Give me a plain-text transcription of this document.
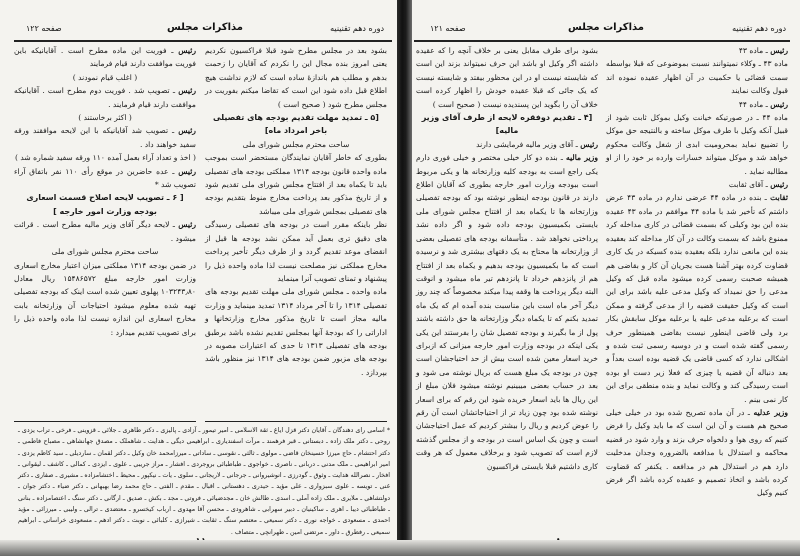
دوره دهم تقنینیه
مذاکرات مجلس
صفحه ۱۲۲

بشود بعد در مجلس مطرح شود قبلا فراکسیون نکردیم یعنی امروز بنده مجال این را نکردم که آقایان را زحمت بدهم و مطلب هم باندازهٔ ساده است که لازم نداشت هیچ اطلاع قبل داده شود این است که تقاضا میکنم بفوریت در مجلس مطرح شود ( صحیح است )

[۵ ـ تمدید مهلت تقدیم بودجه های تفصیلی باخر امرداد ماه]

ساحت محترم مجلس شورای ملی

بطوری که خاطر آقایان نمایندگان مستحضر است بموجب ماده واحده قانون بودجه ۱۳۱۴ مملکتی بودجه های تفصیلی باید تا یکماه بعد از افتتاح مجلس شورای ملی تقدیم شود و از تاریخ مذکور بعد پرداخت مخارج منوط بتقدیم بودجه های تفصیلی بمجلس شورای ملی میباشد

نظر باینکه مقرر است در بودجه های تفصیلی رسیدگی های دقیق تری بعمل آید ممکن نشد بودجه ها قبل از انقضای موعد تقدیم گردد و از طرف دیگر تأخیر پرداخت مخارج مملکتی نیز مصلحت نیست لذا ماده واحده ذیل را پیشنهاد و تمنای تصویب آنرا مینماید

ماده واحده ـ مجلس شورای ملی مهلت تقدیم بودجه های تفصیلی ۱۳۱۴ را تا آخر مرداد ۱۳۱۴ تمدید مینماید و وزارت مالیه مجاز است تا تاریخ مذکور مخارج وزارتخانها و اداراتی را که بودجهٔ آنها بمجلس تقدیم نشده باشد برطبق بودجه های تفصیلی ۱۳۱۳ تا حدی که اعتبارات مصوبه در بودجه های مزبور ضمن بودجه های ۱۳۱۴ نیز منظور باشد بپردازد .

رئیس ـ فوریت این ماده مطرح است . آقایانیکه باین فوریت موافقت دارند قیام فرمایند

( اغلب قیام نمودند )

رئیس ـ تصویب شد . فوریت دوم مطرح است . آقایانیکه موافقت دارند قیام فرمایند .

( اکثر برخاستند )

رئیس ـ تصویب شد آقایانیکه با این لایحه موافقند ورقه سفید خواهند داد .

( اخذ و تعداد آراء بعمل آمده ۱۱۰ ورقه سفید شماره شد )

رئیس ـ عده حاضرین در موقع رأی ۱۱۰ نفر باتفاق آراء تصویب شد *

[ ۶ ـ تصویب لایحه اصلاح قسمت اسعاری بودجه وزارت امور خارجه ]

رئیس ـ لایحه دیگر آقای وزیر مالیه مطرح است . قرائت میشود .

ساحت محترم مجلس شورای ملی

در ضمن بودجه ۱۳۱۴ مملکتی میزان اعتبار مخارج اسعاری وزارت امور خارجه مبلغ ۱۵۴۸۶۵۷۲ ریال معادل ۱۰۳۲۴۳٫۸۰ پهلوی تعیین شده است اینک که بودجه تفصیلی تهیه شده معلوم میشود احتیاجات آن وزارتخانه بابت مخارج اسعاری این اندازه نیست لذا ماده واحده ذیل را برای تصویب تقدیم میدارد :

* اسامی رای دهندگان ـ آقایان دکتر قزل ایاغ ـ ثقة الاسلامی ـ امیر تیمور ـ آزادی ـ پالیزی ـ دکتر طاهری ـ جلائی ـ قزوینی ـ فرخی ـ تراب یزدی ـ روحی ـ دکتر ملک زاده ـ دبستانی ـ قبر فرهمند ـ مرآت اسفندیاری ـ ابراهیمی دیگی ـ هدایت ـ شاهملک ـ مصدق جهانشاهی ـ مصباح فاطمی ـ دکتر احتشام ـ حاج میرزا حسینخان قاضی ـ مولوی ـ ثالثی ـ نقوسی ـ ساداتی ـ میرزامحمد خان وکیل ـ دکتر لقمان ـ ساردیلی ـ سید کاظم یزدی ـ امیر ابراهیمی ـ ملک مدنی ـ دربانی ـ ناصری ـ خواجوی ـ طباطبائی بروجردی ـ افشار ـ مراز جریبی ـ علوی ـ ایزدی ـ کمالی ـ کاشف ـ لیقوانی ـ افخار ـ نصرالله هدایت ـ وثوق ـ گودرزی ـ انوشیروانی ـ جرجانی ـ لاریجانی ـ سلوی ـ یات ـ نیکپور ـ محیط ـ اختشامزاده ـ مشیری ـ صفاری ـ دکتر غنی ـ تویسه ـ علوی سبزواری ـ علی مؤید ـ حیدری ـ دهستانی ـ اقبال ـ مقدم ـ الفتی ـ حاج محمد رضا بهبهانی ـ دکتر ضیاء ـ دکتر جوان ـ دولتشاهی ـ ملایری ـ ملک زاده آملی ـ اسدی ـ طالش خان ـ مجدضیائی ـ فروتی ـ مجد ـ بکش ـ صدیق ـ ارگانی ـ دکتر سنگ ـ اعتصامزاده ـ بنانی ـ طباطبائی دیبا ـ اهری ـ ساکینیان ـ دبیر سهرابی ـ شاهرودی ـ محسن آقا مهدوی ـ ارباب کیخسرو ـ معتضدی ـ ترالی ـ ولیبی ـ میرزائی ـ مؤید احمدی ـ مسعودی ـ خواجه نوری ـ دکتر سمیعی ـ معتصم سنگ ـ ثقابت ـ شیرازی ـ کلبائی ـ نوبت ـ دکتر ادهم ـ مسعودی خراسانی ـ ابراهیم سمیعی ـ رفطرق ـ داور ـ مرتضی امین ـ طهرانچی ـ متصاف .
دوره دهم تقنینیه
مذاکرات مجلس
صفحه ۱۲۱

رئیس ـ ماده ۴۳

ماده ۴۳ ـ وکلاء نمیتوانند نسبت بموضوعی که قبلا بواسطه سمت قضائی یا حکمیت در آن اظهار عقیده نموده اند قبول وکالت نمایند

رئیس ـ ماده ۴۴

ماده ۴۴ ـ در صورتیکه خیانت وکیل بموکل ثابت شود از قبیل آنکه وکیل با طرف موکل ساخته و بالنتیجه حق موکل را تضییع نماید بمحرومیت ابدی از شغل وکالت محکوم خواهد شد و موکل میتواند خسارات وارده بر خود را از او مطالبه نماید .

رئیس ـ آقای ثقابت

ثقابت ـ بنده در ماده ۴۴ عرضی ندارم در ماده ۴۳ عرض داشتم که تأخیر شد با ماده ۴۴ موافقم در ماده ۴۳ عقیده بنده این بود وکیلی که بسمت قضائی در کاری مداخله کرد ممنوع باشد که بسمت وکالت در آن کار مداخله کند بعقیده بنده این مانعی ندارد بلکه بعقیده بنده کسیکه در یک کاری قضاوت کرده بهتر آشنا هست بجریان آن کار و بقاضی هم همیشه صحبت رسمی کرده میشود ماده قبل که وکیل مدعی را حق نمیداد که وکیل مدعی علیه باشد برای این است که وکیل حقیقت قضیه را از مدعی گرفته و ممکن است که برعلیه مدعی علیه یا برعلیه موکل سابقش بکار برد ولی قاضی اینطور نیست بقاضی همینطور حرف رسمی گفته شده است و در دوسیه رسمی ثبت شده و اشکالی ندارد که کسی قاضی یک قضیه بوده است بعداً و بعد دنباله آن قضیه یا چیزی که فعلا زیر دست او بوده است رسیدگی کند و وکالت نماید و بنده منطقی برای این کار نمی بینم .

وزیر عدلیه ـ در آن ماده تصریح شده بود در خیلی خیلی صحیح هم هست و آن این است که ما باید وکیل را فرض کنیم که روی هوا و دلخواه حرف بزند و وارد شود در قضیه محاکمه و استدلال با مدافعه بالضروره وجدان مدخلیت دارد هم در استدلال هم در مدافعه . یکنفر که قضاوت کرده باشد و اتخاذ تصمیم و عقیده کرده باشد اگر فرض کنیم وکیل

بشود برای طرف مقابل یعنی بر خلاف آنچه را که عقیده داشته اگر وکیل او باشد این حرف نمیتواند بزند این است که شایسته نیست او در این محظور بیفتد و شایسته نیست که یک جائی که قبلا عقیده خودش را اظهار کرده است خلاف آن را بگوید این پسندیده نیست ( صحیح است )

[۴ ـ تقدیم دوفقره لایحه از طرف آقای وزیر مالیه]

رئیس ـ آقای وزیر مالیه فرمایشی دارند

وزیر مالیه ـ بنده دو کار خیلی مختصر و خیلی فوری دارم یکی راجع است به بودجه کلیه وزارتخانه ها و یکی مربوط است ببودجه وزارت امور خارجه بطوری که آقایان اطلاع دارند در قانون بودجه اینطور نوشته بود که بودجه تفصیلی وزارتخانه ها تا یکماه بعد از افتتاح مجلس شورای ملی بایستی بکمیسیون بودجه داده شود و اگر داده نشد پرداختی نخواهد شد . متأسفانه بودجه های تفصیلی بعضی از وزارتخانه ها محتاج به یک دقتهای بیشتری شد و نرسیده است که ما بکمیسیون بودجه بدهیم و یکماه بعد از افتتاح هم از پانزدهم خرداد تا پانزدهم تیر ماه میشود و انوقت البته دیگر پرداخت ها وقفه پیدا میکند مخصوصاً که چند روز دیگر آخر ماه است باین مناسبت بنده آمده ام که یک ماه تمدید بکنم که تا یکماه دیگر وزارتخانه ها حق داشته باشند پول از ما بگیرند و بودجه تفصیل شان را بفرستند این یکی یکی اینکه در بودجه وزارت امور خارجه میزانی که ازبرای خرید اسعار معین شده است بیش از حد احتیاجشان است چون در بودجه یک مبلغ هست که بریال نوشته می شود و بعد در حساب بعضی میبینیم نوشته میشود فلان مبلغ از این ریال ها باید اسعار خریده شود این رقم که برای اسعار نوشته شده بود چون زیاد تر از احتیاجاتشان است آن رقم را عوض کردیم و ریال را بیشتر کردیم که عمل احتیاجشان است و چون یک اساس است در بودجه و از مجلس گذشته لازم است که تصویب شود و برخلاف معمول که هر وقت کاری داشتیم قبلا بایستی فراکسیون
